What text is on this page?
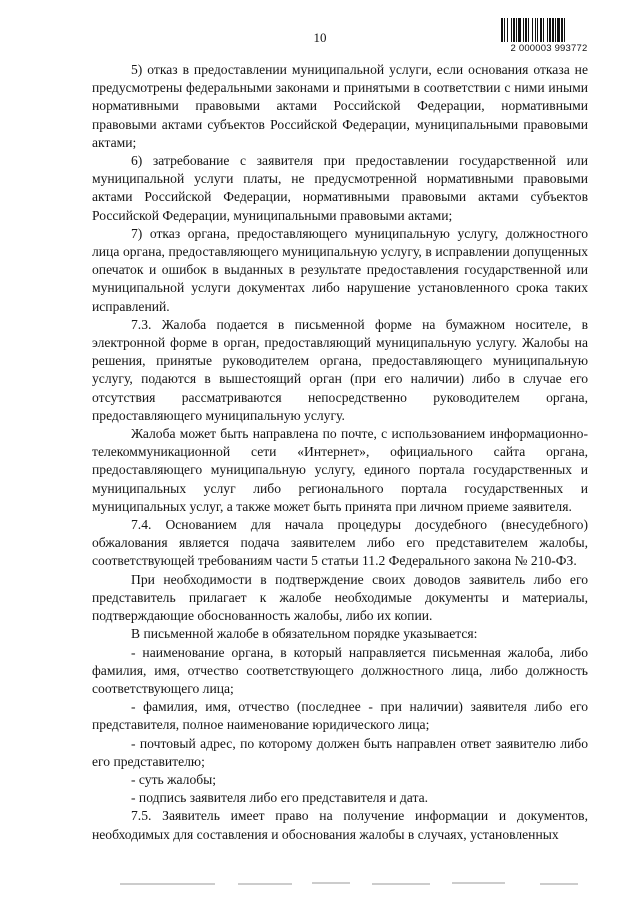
10
2 000003 993772

5) отказ в предоставлении муниципальной услуги, если основания отказа не предусмотрены федеральными законами и принятыми в соответствии с ними иными нормативными правовыми актами Российской Федерации, нормативными правовыми актами субъектов Российской Федерации, муниципальными правовыми актами;

6) затребование с заявителя при предоставлении государственной или муниципальной услуги платы, не предусмотренной нормативными правовыми актами Российской Федерации, нормативными правовыми актами субъектов Российской Федерации, муниципальными правовыми актами;

7) отказ органа, предоставляющего муниципальную услугу, должностного лица органа, предоставляющего муниципальную услугу, в исправлении допущенных опечаток и ошибок в выданных в результате предоставления государственной или муниципальной услуги документах либо нарушение установленного срока таких исправлений.

7.3. Жалоба подается в письменной форме на бумажном носителе, в электронной форме в орган, предоставляющий муниципальную услугу. Жалобы на решения, принятые руководителем органа, предоставляющего муниципальную услугу, подаются в вышестоящий орган (при его наличии) либо в случае его отсутствия рассматриваются непосредственно руководителем органа, предоставляющего муниципальную услугу.

Жалоба может быть направлена по почте, с использованием информационно-телекоммуникационной сети «Интернет», официального сайта органа, предоставляющего муниципальную услугу, единого портала государственных и муниципальных услуг либо регионального портала государственных и муниципальных услуг, а также может быть принята при личном приеме заявителя.

7.4. Основанием для начала процедуры досудебного (внесудебного) обжалования является подача заявителем либо его представителем жалобы, соответствующей требованиям части 5 статьи 11.2 Федерального закона № 210-ФЗ.

При необходимости в подтверждение своих доводов заявитель либо его представитель прилагает к жалобе необходимые документы и материалы, подтверждающие обоснованность жалобы, либо их копии.

В письменной жалобе в обязательном порядке указывается:

- наименование органа, в который направляется письменная жалоба, либо фамилия, имя, отчество соответствующего должностного лица, либо должность соответствующего лица;

- фамилия, имя, отчество (последнее - при наличии) заявителя либо его представителя, полное наименование юридического лица;

- почтовый адрес, по которому должен быть направлен ответ заявителю либо его представителю;

- суть жалобы;

- подпись заявителя либо его представителя и дата.

7.5. Заявитель имеет право на получение информации и документов, необходимых для составления и обоснования жалобы в случаях, установленных
